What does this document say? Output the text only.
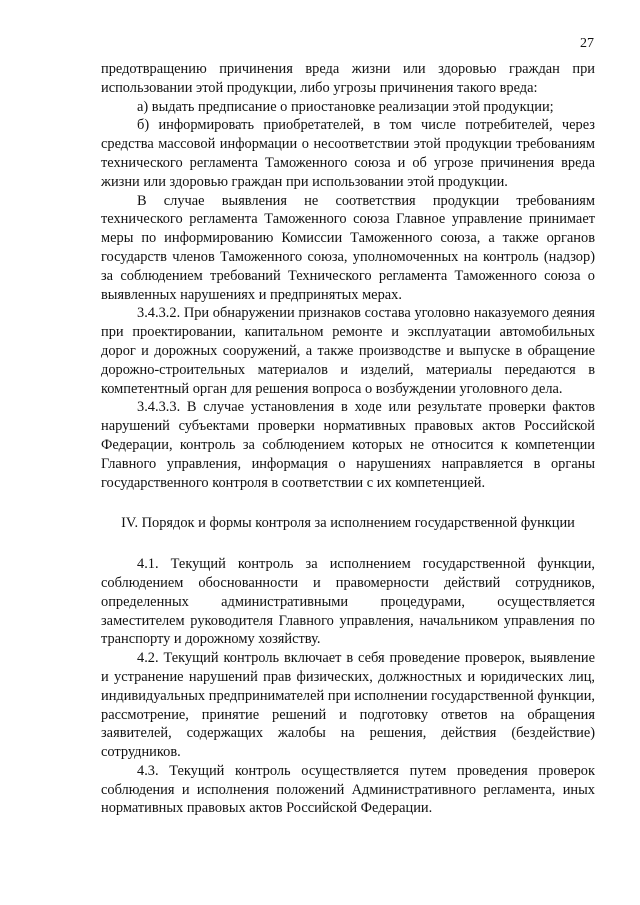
27

предотвращению причинения вреда жизни или здоровью граждан при использовании этой продукции, либо угрозы причинения такого вреда:

а) выдать предписание о приостановке реализации этой продукции;

б) информировать приобретателей, в том числе потребителей, через средства массовой информации о несоответствии этой продукции требованиям технического регламента Таможенного союза и об угрозе причинения вреда жизни или здоровью граждан при использовании этой продукции.

В случае выявления не соответствия продукции требованиям технического регламента Таможенного союза Главное управление принимает меры по информированию Комиссии Таможенного союза, а также органов государств членов Таможенного союза, уполномоченных на контроль (надзор) за соблюдением требований Технического регламента Таможенного союза о выявленных нарушениях и предпринятых мерах.

3.4.3.2. При обнаружении признаков состава уголовно наказуемого деяния при проектировании, капитальном ремонте и эксплуатации автомобильных дорог и дорожных сооружений, а также производстве и выпуске в обращение дорожно-строительных материалов и изделий, материалы передаются в компетентный орган для решения вопроса о возбуждении уголовного дела.

3.4.3.3. В случае установления в ходе или результате проверки фактов нарушений субъектами проверки нормативных правовых актов Российской Федерации, контроль за соблюдением которых не относится к компетенции Главного управления, информация о нарушениях направляется в органы государственного контроля в соответствии с их компетенцией.

IV. Порядок и формы контроля за исполнением государственной функции

4.1. Текущий контроль за исполнением государственной функции, соблюдением обоснованности и правомерности действий сотрудников, определенных административными процедурами, осуществляется заместителем руководителя Главного управления, начальником управления по транспорту и дорожному хозяйству.

4.2. Текущий контроль включает в себя проведение проверок, выявление и устранение нарушений прав физических, должностных и юридических лиц, индивидуальных предпринимателей при исполнении государственной функции, рассмотрение, принятие решений и подготовку ответов на обращения заявителей, содержащих жалобы на решения, действия (бездействие) сотрудников.

4.3. Текущий контроль осуществляется путем проведения проверок соблюдения и исполнения положений Административного регламента, иных нормативных правовых актов Российской Федерации.
